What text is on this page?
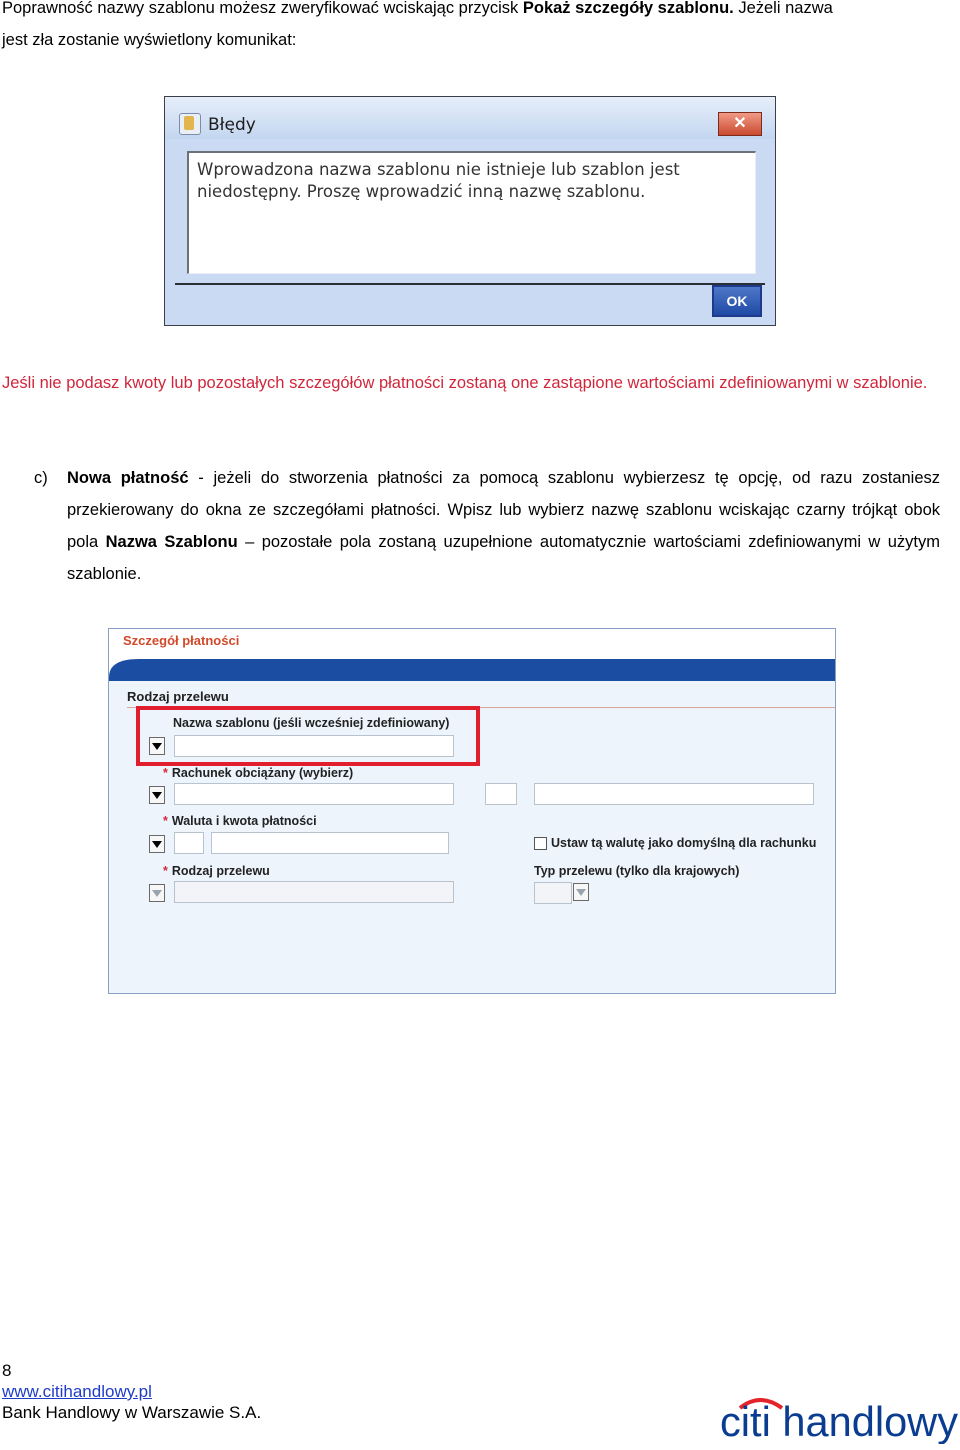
Poprawność nazwy szablonu możesz zweryfikować wciskając przycisk Pokaż szczegóły szablonu. Jeżeli nazwa
jest zła zostanie wyświetlony komunikat:
Błędy	✕
Wprowadzona nazwa szablonu nie istnieje lub szablon jest niedostępny. Proszę wprowadzić inną nazwę szablonu.
OK
Jeśli nie podasz kwoty lub pozostałych szczegółów płatności zostaną one zastąpione wartościami zdefiniowanymi w szablonie.
c) Nowa płatność - jeżeli do stworzenia płatności za pomocą szablonu wybierzesz tę opcję, od razu zostaniesz przekierowany do okna ze szczegółami płatności. Wpisz lub wybierz nazwę szablonu wciskając czarny trójkąt obok pola Nazwa Szablonu – pozostałe pola zostaną uzupełnione automatycznie wartościami zdefiniowanymi w użytym szablonie.
Szczegół płatności
Rodzaj przelewu
Nazwa szablonu (jeśli wcześniej zdefiniowany)
* Rachunek obciążany (wybierz)
* Waluta i kwota płatności
Ustaw tą walutę jako domyślną dla rachunku
* Rodzaj przelewu	Typ przelewu (tylko dla krajowych)
8
www.citihandlowy.pl
Bank Handlowy w Warszawie S.A.	citi handlowy
